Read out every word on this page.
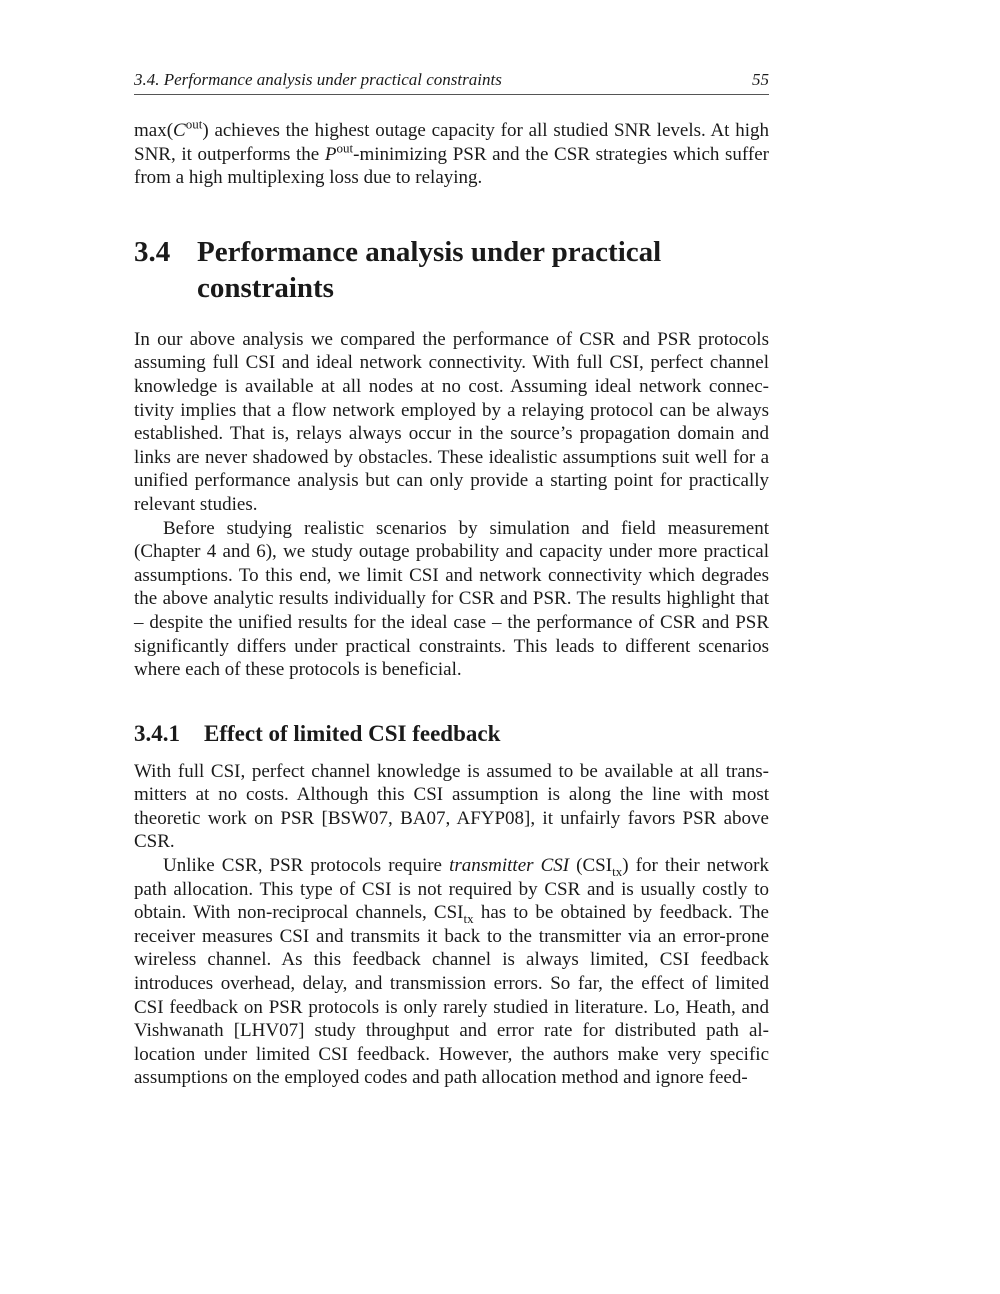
3.4. Performance analysis under practical constraints	55

$\max(C^{out})$ achieves the highest outage capacity for all studied SNR levels. At high SNR, it outperforms the $P^{out}$-minimizing PSR and the CSR strategies which suffer from a high multiplexing loss due to relaying.

3.4 Performance analysis under practical constraints

In our above analysis we compared the performance of CSR and PSR protocols assuming full CSI and ideal network connectivity. With full CSI, perfect channel knowledge is available at all nodes at no cost. Assuming ideal network connectivity implies that a flow network employed by a relaying protocol can be always established. That is, relays always occur in the source’s propagation domain and links are never shadowed by obstacles. These idealistic assumptions suit well for a unified performance analysis but can only provide a starting point for practically relevant studies.

Before studying realistic scenarios by simulation and field measurement (Chapter 4 and 6), we study outage probability and capacity under more practical assumptions. To this end, we limit CSI and network connectivity which degrades the above analytic results individually for CSR and PSR. The results highlight that – despite the unified results for the ideal case – the performance of CSR and PSR significantly differs under practical constraints. This leads to different scenarios where each of these protocols is beneficial.

3.4.1	Effect of limited CSI feedback

With full CSI, perfect channel knowledge is assumed to be available at all transmitters at no costs. Although this CSI assumption is along the line with most theoretic work on PSR [BSW07, BA07, AFYP08], it unfairly favors PSR above CSR.

Unlike CSR, PSR protocols require transmitter CSI $(CSI_{tx})$ for their network path allocation. This type of CSI is not required by CSR and is usually costly to obtain. With non-reciprocal channels, $CSI_{tx}$ has to be obtained by feedback. The receiver measures CSI and transmits it back to the transmitter via an error-prone wireless channel. As this feedback channel is always limited, CSI feedback introduces overhead, delay, and transmission errors. So far, the effect of limited CSI feedback on PSR protocols is only rarely studied in literature. Lo, Heath, and Vishwanath [LHV07] study throughput and error rate for distributed path allocation under limited CSI feedback. However, the authors make very specific assumptions on the employed codes and path allocation method and ignore feed-
